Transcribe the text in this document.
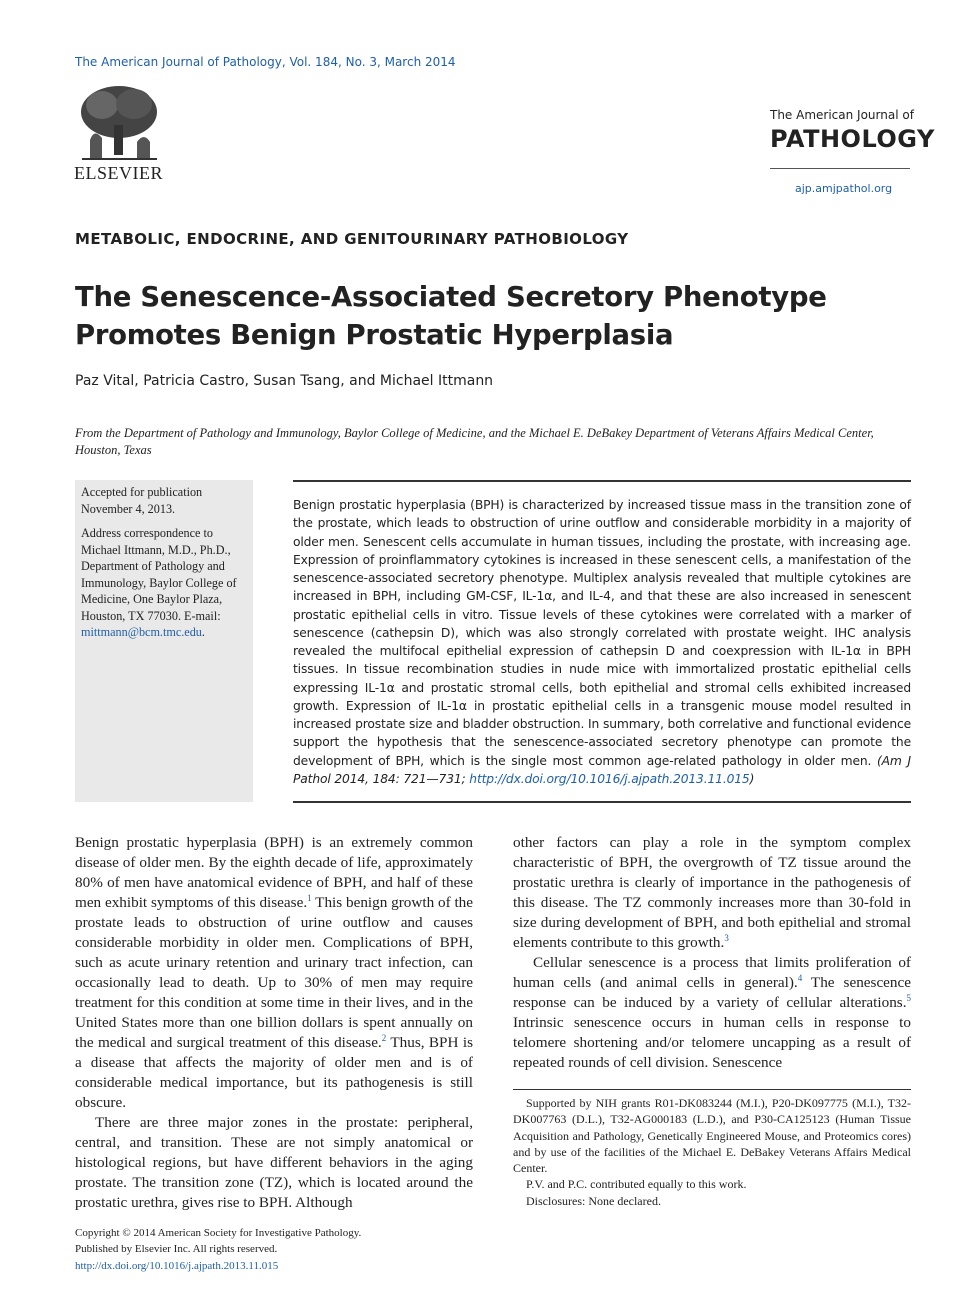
The American Journal of Pathology, Vol. 184, No. 3, March 2014
ELSEVIER
The American Journal of
PATHOLOGY
ajp.amjpathol.org
METABOLIC, ENDOCRINE, AND GENITOURINARY PATHOBIOLOGY
The Senescence-Associated Secretory Phenotype Promotes Benign Prostatic Hyperplasia
Paz Vital, Patricia Castro, Susan Tsang, and Michael Ittmann
From the Department of Pathology and Immunology, Baylor College of Medicine, and the Michael E. DeBakey Department of Veterans Affairs Medical Center, Houston, Texas

Accepted for publication November 4, 2013.

Address correspondence to Michael Ittmann, M.D., Ph.D., Department of Pathology and Immunology, Baylor College of Medicine, One Baylor Plaza, Houston, TX 77030. E-mail: mittmann@bcm.tmc.edu.

Benign prostatic hyperplasia (BPH) is characterized by increased tissue mass in the transition zone of the prostate, which leads to obstruction of urine outflow and considerable morbidity in a majority of older men. Senescent cells accumulate in human tissues, including the prostate, with increasing age. Expression of proinflammatory cytokines is increased in these senescent cells, a manifestation of the senescence-associated secretory phenotype. Multiplex analysis revealed that multiple cytokines are increased in BPH, including GM-CSF, IL-1α, and IL-4, and that these are also increased in senescent prostatic epithelial cells in vitro. Tissue levels of these cytokines were correlated with a marker of senescence (cathepsin D), which was also strongly correlated with prostate weight. IHC analysis revealed the multifocal epithelial expression of cathepsin D and coexpression with IL-1α in BPH tissues. In tissue recombination studies in nude mice with immortalized prostatic epithelial cells expressing IL-1α and prostatic stromal cells, both epithelial and stromal cells exhibited increased growth. Expression of IL-1α in prostatic epithelial cells in a transgenic mouse model resulted in increased prostate size and bladder obstruction. In summary, both correlative and functional evidence support the hypothesis that the senescence-associated secretory phenotype can promote the development of BPH, which is the single most common age-related pathology in older men. (Am J Pathol 2014, 184: 721—731; http://dx.doi.org/10.1016/j.ajpath.2013.11.015)

Benign prostatic hyperplasia (BPH) is an extremely common disease of older men. By the eighth decade of life, approximately 80% of men have anatomical evidence of BPH, and half of these men exhibit symptoms of this disease.$^1$ This benign growth of the prostate leads to obstruction of urine outflow and causes considerable morbidity in older men. Complications of BPH, such as acute urinary retention and urinary tract infection, can occasionally lead to death. Up to 30% of men may require treatment for this condition at some time in their lives, and in the United States more than one billion dollars is spent annually on the medical and surgical treatment of this disease.$^2$ Thus, BPH is a disease that affects the majority of older men and is of considerable medical importance, but its pathogenesis is still obscure.

There are three major zones in the prostate: peripheral, central, and transition. These are not simply anatomical or histological regions, but have different behaviors in the aging prostate. The transition zone (TZ), which is located around the prostatic urethra, gives rise to BPH. Although

other factors can play a role in the symptom complex characteristic of BPH, the overgrowth of TZ tissue around the prostatic urethra is clearly of importance in the pathogenesis of this disease. The TZ commonly increases more than 30-fold in size during development of BPH, and both epithelial and stromal elements contribute to this growth.$^3$

Cellular senescence is a process that limits proliferation of human cells (and animal cells in general).$^4$ The senescence response can be induced by a variety of cellular alterations.$^5$ Intrinsic senescence occurs in human cells in response to telomere shortening and/or telomere uncapping as a result of repeated rounds of cell division. Senescence

Supported by NIH grants R01-DK083244 (M.I.), P20-DK097775 (M.I.), T32-DK007763 (D.L.), T32-AG000183 (L.D.), and P30-CA125123 (Human Tissue Acquisition and Pathology, Genetically Engineered Mouse, and Proteomics cores) and by use of the facilities of the Michael E. DeBakey Veterans Affairs Medical Center.

P.V. and P.C. contributed equally to this work.

Disclosures: None declared.

Copyright © 2014 American Society for Investigative Pathology.
Published by Elsevier Inc. All rights reserved.
http://dx.doi.org/10.1016/j.ajpath.2013.11.015
